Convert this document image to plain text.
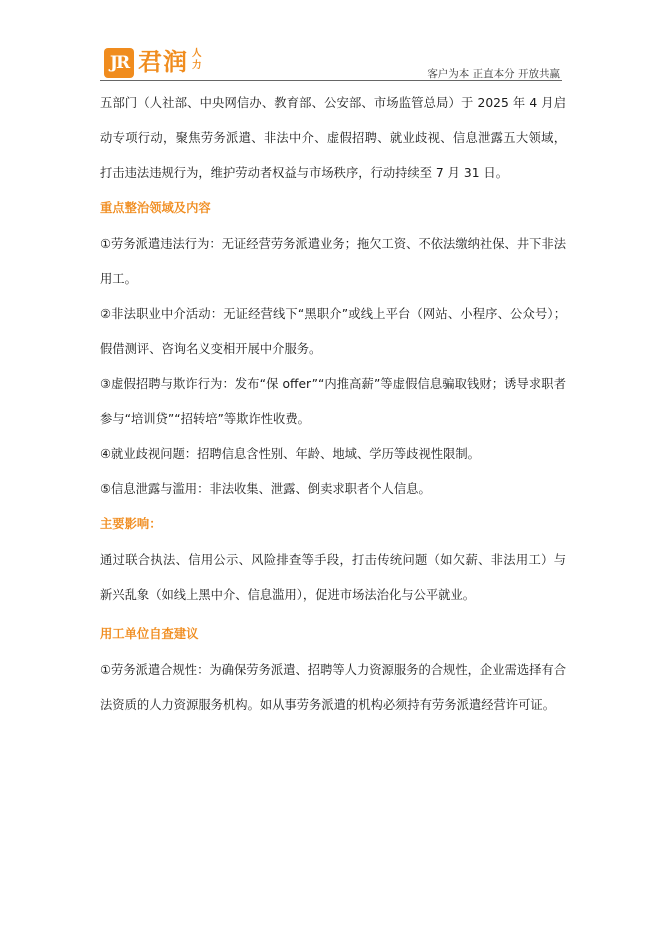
JR 君润 人力
客户为本 正直本分 开放共赢

五部门（人社部、中央网信办、教育部、公安部、市场监管总局）于 2025 年 4 月启动专项行动，聚焦劳务派遣、非法中介、虚假招聘、就业歧视、信息泄露五大领域，打击违法违规行为，维护劳动者权益与市场秩序，行动持续至 7 月 31 日。

重点整治领域及内容

①劳务派遣违法行为：无证经营劳务派遣业务；拖欠工资、不依法缴纳社保、井下非法用工。

②非法职业中介活动：无证经营线下“黑职介”或线上平台（网站、小程序、公众号）；假借测评、咨询名义变相开展中介服务。

③虚假招聘与欺诈行为：发布“保 offer”“内推高薪”等虚假信息骗取钱财；诱导求职者参与“培训贷”“招转培”等欺诈性收费。

④就业歧视问题：招聘信息含性别、年龄、地域、学历等歧视性限制。

⑤信息泄露与滥用：非法收集、泄露、倒卖求职者个人信息。

主要影响：

通过联合执法、信用公示、风险排查等手段，打击传统问题（如欠薪、非法用工）与新兴乱象（如线上黑中介、信息滥用），促进市场法治化与公平就业。

用工单位自查建议

①劳务派遣合规性：为确保劳务派遣、招聘等人力资源服务的合规性，企业需选择有合法资质的人力资源服务机构。如从事劳务派遣的机构必须持有劳务派遣经营许可证。
